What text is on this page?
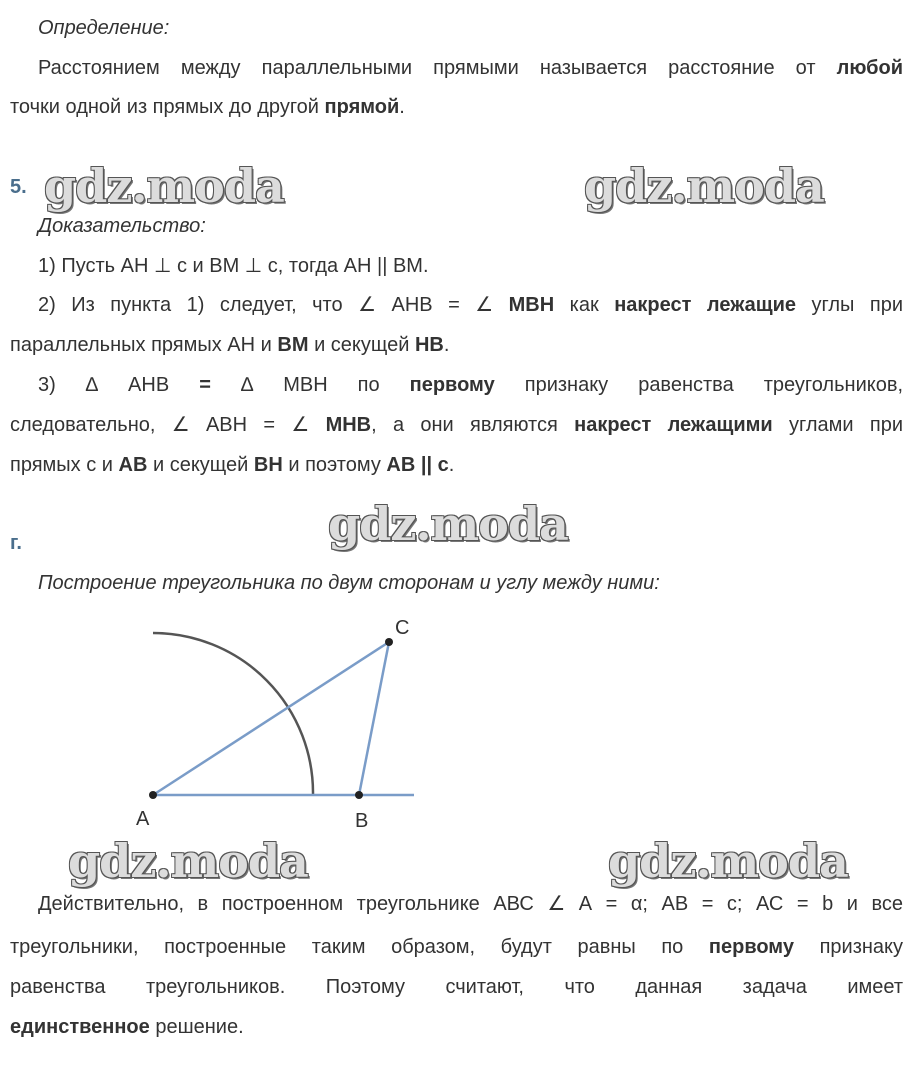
Определение:
Расстоянием между параллельными прямыми называется расстояние от любой
точки одной из прямых до другой прямой.
5. gdz.moda	gdz.moda
Доказательство:
1) Пусть АН ⊥ с и ВМ ⊥ с, тогда АН || ВМ.
2) Из пункта 1) следует, что ∠ АНВ = ∠ МВН как накрест лежащие углы при
параллельных прямых АН и ВМ и секущей НВ.
3) ∆ АНВ = ∆ МВН по первому признаку равенства треугольников,
следовательно, ∠ АВН = ∠ МНВ, а они являются накрест лежащими углами при
прямых с и АВ и секущей ВН и поэтому АВ || с.
gdz.moda
г.
Построение треугольника по двум сторонам и углу между ними:
A	B
C
gdz.moda	gdz.moda
Действительно, в построенном треугольнике АВС ∠ А = α; АВ = с; АС = b и все
треугольники, построенные таким образом, будут равны по первому признаку
равенства треугольников. Поэтому считают, что данная задача имеет
единственное решение.
